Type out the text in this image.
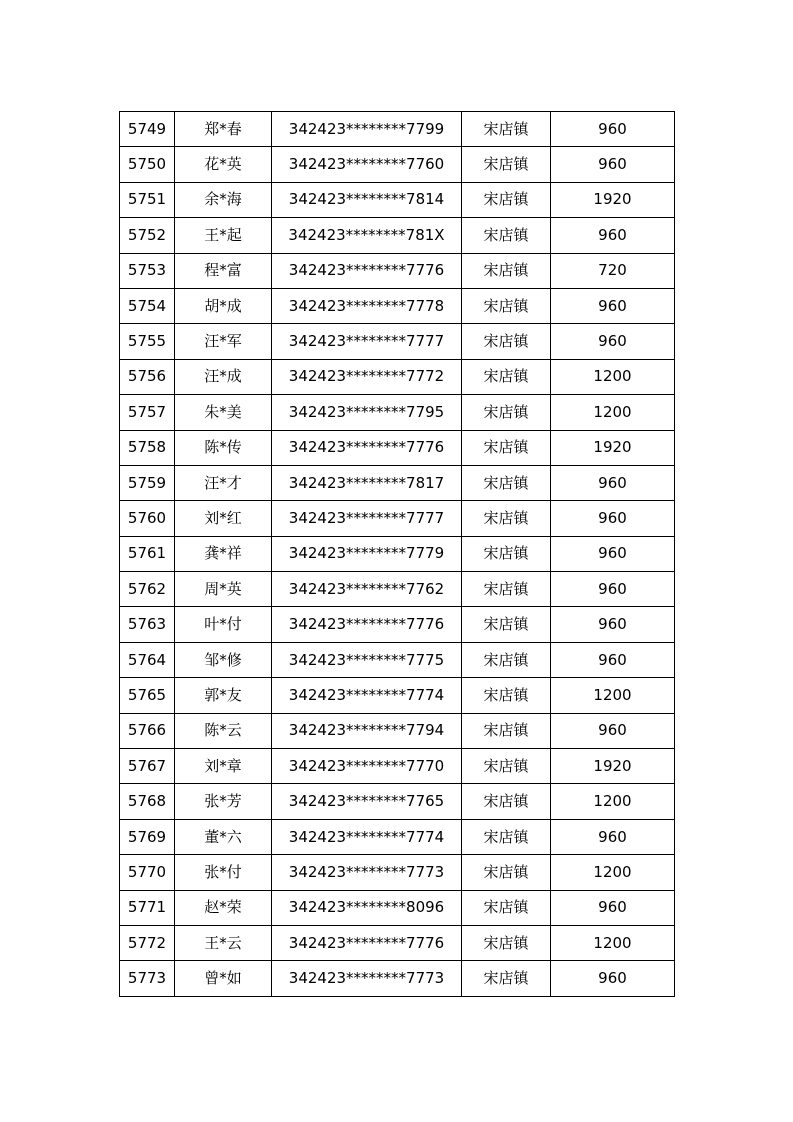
5749	郑*春	342423********7799	宋店镇	960
5750	花*英	342423********7760	宋店镇	960
5751	余*海	342423********7814	宋店镇	1920
5752	王*起	342423********781X	宋店镇	960
5753	程*富	342423********7776	宋店镇	720
5754	胡*成	342423********7778	宋店镇	960
5755	汪*军	342423********7777	宋店镇	960
5756	汪*成	342423********7772	宋店镇	1200
5757	朱*美	342423********7795	宋店镇	1200
5758	陈*传	342423********7776	宋店镇	1920
5759	汪*才	342423********7817	宋店镇	960
5760	刘*红	342423********7777	宋店镇	960
5761	龚*祥	342423********7779	宋店镇	960
5762	周*英	342423********7762	宋店镇	960
5763	叶*付	342423********7776	宋店镇	960
5764	邹*修	342423********7775	宋店镇	960
5765	郭*友	342423********7774	宋店镇	1200
5766	陈*云	342423********7794	宋店镇	960
5767	刘*章	342423********7770	宋店镇	1920
5768	张*芳	342423********7765	宋店镇	1200
5769	董*六	342423********7774	宋店镇	960
5770	张*付	342423********7773	宋店镇	1200
5771	赵*荣	342423********8096	宋店镇	960
5772	王*云	342423********7776	宋店镇	1200
5773	曾*如	342423********7773	宋店镇	960
